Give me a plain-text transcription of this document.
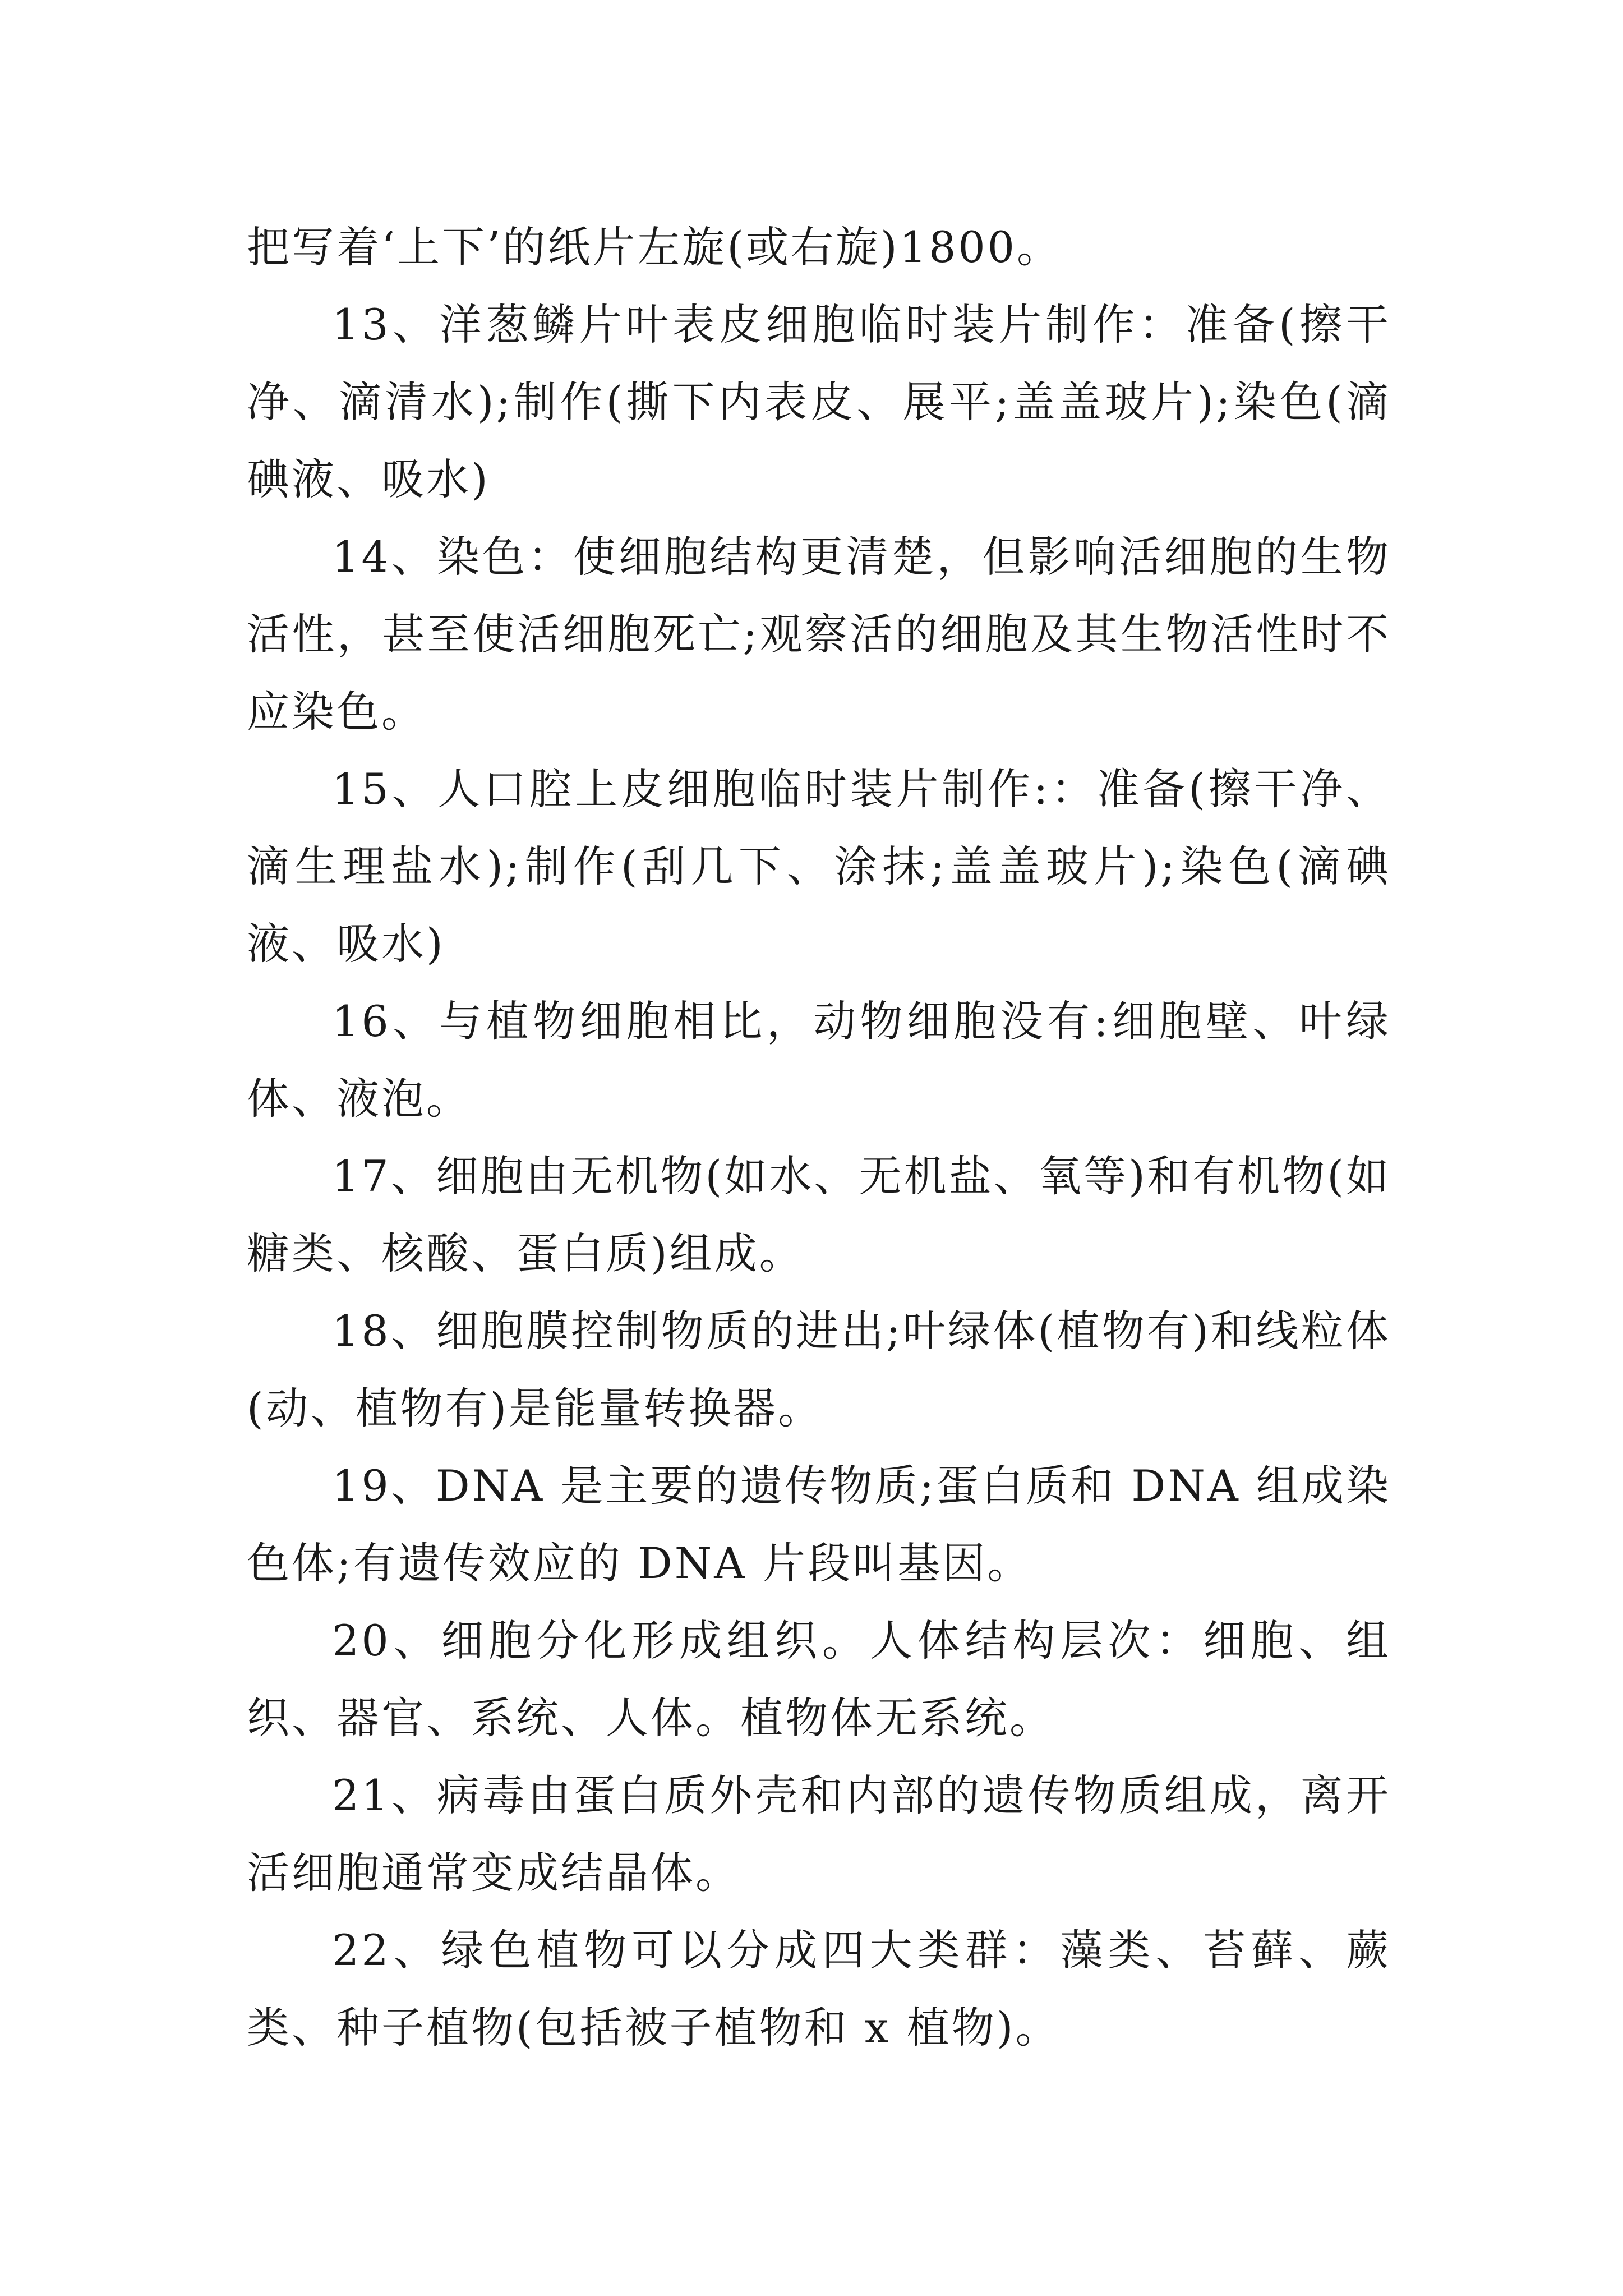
把写着‘上下’的纸片左旋(或右旋)1800。

13、洋葱鳞片叶表皮细胞临时装片制作：准备(擦干净、滴清水);制作(撕下内表皮、展平;盖盖玻片);染色(滴碘液、吸水)

14、染色：使细胞结构更清楚，但影响活细胞的生物活性，甚至使活细胞死亡;观察活的细胞及其生物活性时不应染色。

15、人口腔上皮细胞临时装片制作:：准备(擦干净、滴生理盐水);制作(刮几下、涂抹;盖盖玻片);染色(滴碘液、吸水)

16、与植物细胞相比，动物细胞没有:细胞壁、叶绿体、液泡。

17、细胞由无机物(如水、无机盐、氧等)和有机物(如糖类、核酸、蛋白质)组成。

18、细胞膜控制物质的进出;叶绿体(植物有)和线粒体(动、植物有)是能量转换器。

19、DNA 是主要的遗传物质;蛋白质和 DNA 组成染色体;有遗传效应的 DNA 片段叫基因。

20、细胞分化形成组织。人体结构层次：细胞、组织、器官、系统、人体。植物体无系统。

21、病毒由蛋白质外壳和内部的遗传物质组成，离开活细胞通常变成结晶体。

22、绿色植物可以分成四大类群：藻类、苔藓、蕨类、种子植物(包括被子植物和 x 植物)。
